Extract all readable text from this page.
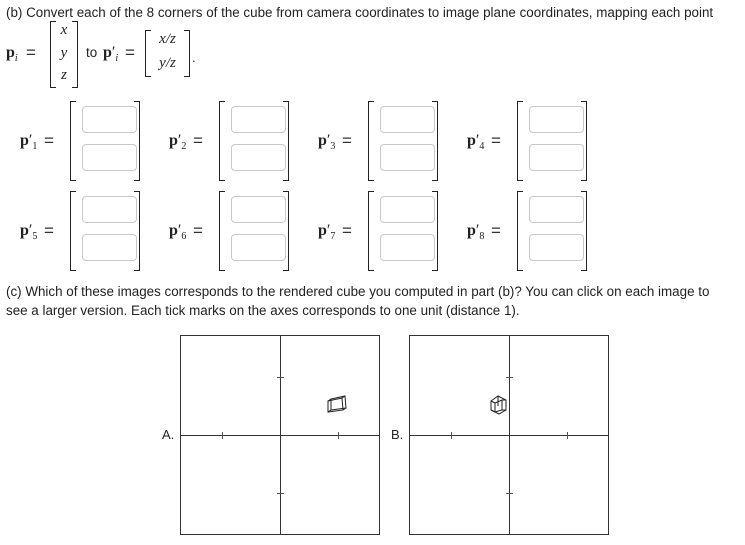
(b) Convert each of the 8 corners of the cube from camera coordinates to image plane coordinates, mapping each point
$p_i$ =
x
y
z
to $p'_i$ =
x/z
y/z	.
$p'_1$ =	$p'_2$ =	$p'_3$ =	$p'_4$ =
$p'_5$ =	$p'_6$ =	$p'_7$ =	$p'_8$ =
(c) Which of these images corresponds to the rendered cube you computed in part (b)? You can click on each image to
see a larger version. Each tick marks on the axes corresponds to one unit (distance 1).
A.	B.
